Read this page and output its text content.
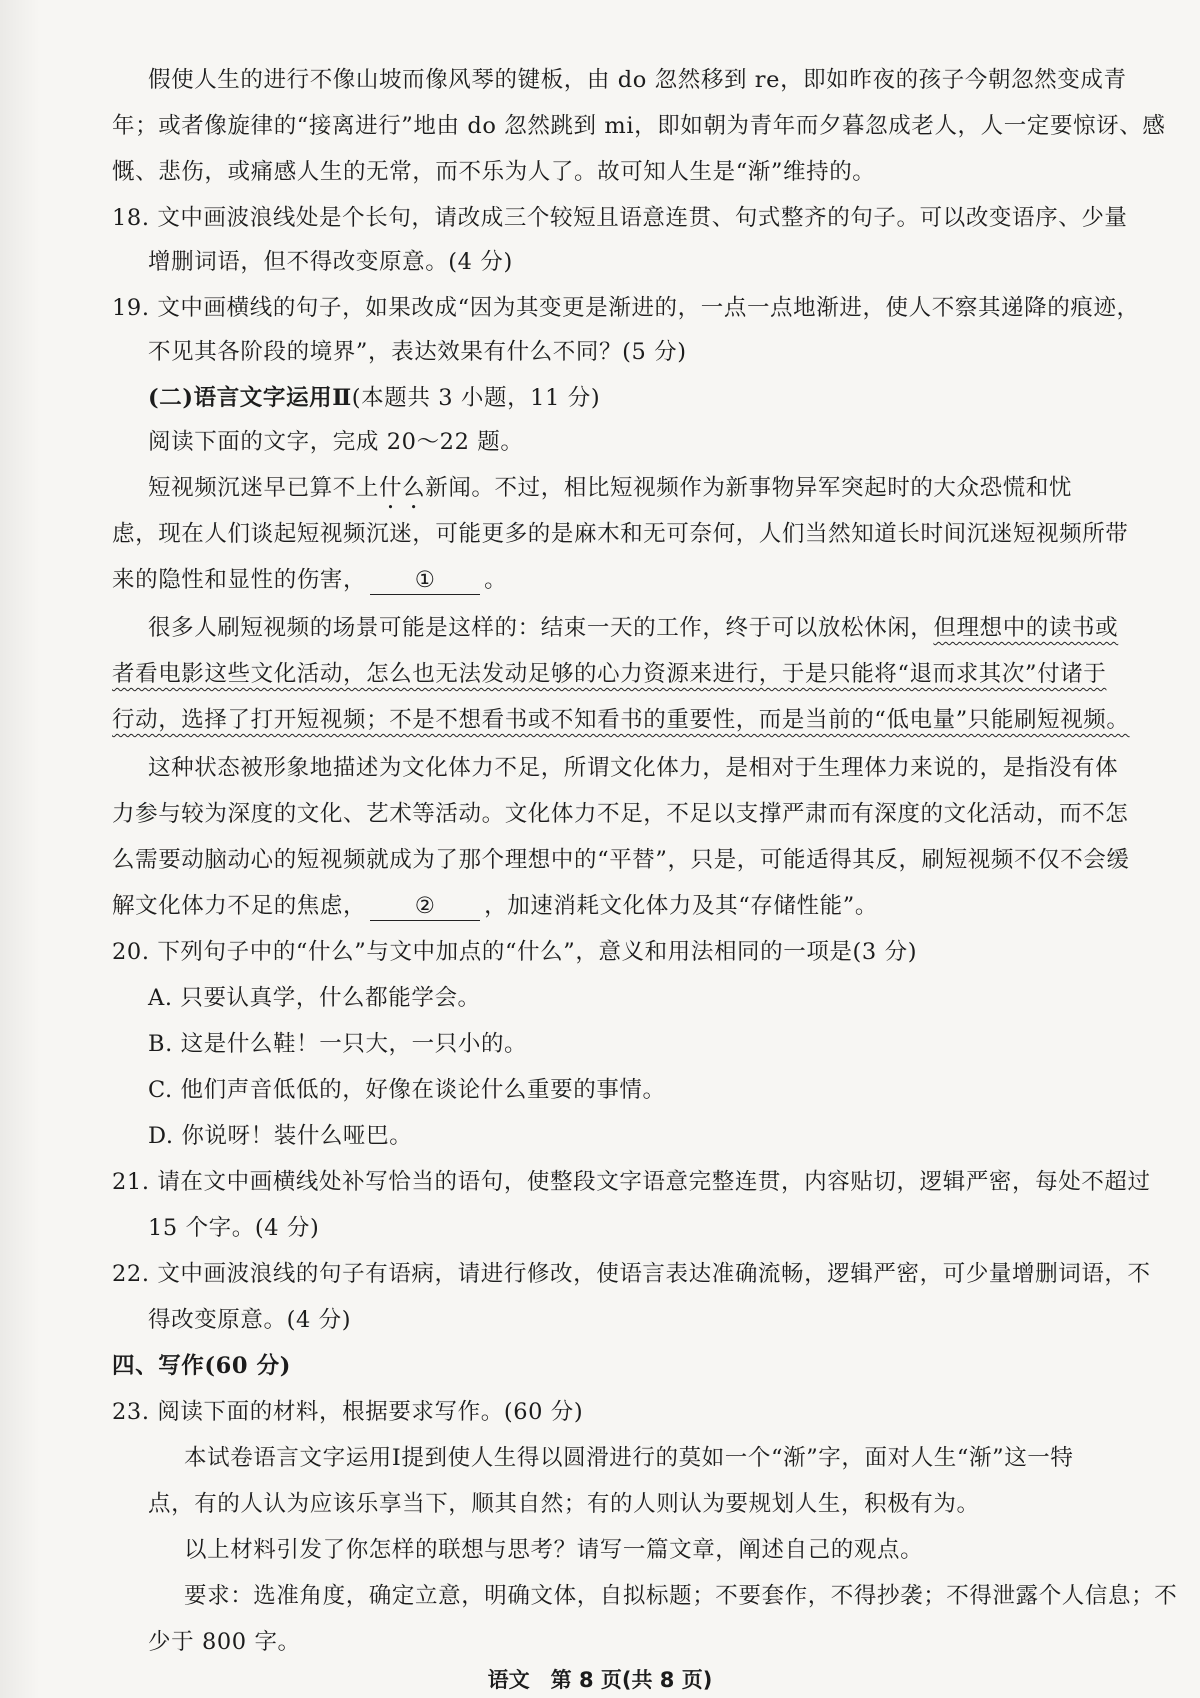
假使人生的进行不像山坡而像风琴的键板，由 do 忽然移到 re，即如昨夜的孩子今朝忽然变成青
年；或者像旋律的“接离进行”地由 do 忽然跳到 mi，即如朝为青年而夕暮忽成老人，人一定要惊讶、感
慨、悲伤，或痛感人生的无常，而不乐为人了。故可知人生是“渐”维持的。
18. 文中画波浪线处是个长句，请改成三个较短且语意连贯、句式整齐的句子。可以改变语序、少量
增删词语，但不得改变原意。(4 分)
19. 文中画横线的句子，如果改成“因为其变更是渐进的，一点一点地渐进，使人不察其递降的痕迹，
不见其各阶段的境界”，表达效果有什么不同？(5 分)
(二)语言文字运用Ⅱ(本题共 3 小题，11 分)
阅读下面的文字，完成 20～22 题。
短视频沉迷早已算不上什么新闻。不过，相比短视频作为新事物异军突起时的大众恐慌和忧
虑，现在人们谈起短视频沉迷，可能更多的是麻木和无可奈何，人们当然知道长时间沉迷短视频所带
来的隐性和显性的伤害， ① 。
很多人刷短视频的场景可能是这样的：结束一天的工作，终于可以放松休闲，但理想中的读书或
者看电影这些文化活动，怎么也无法发动足够的心力资源来进行，于是只能将“退而求其次”付诸于
行动，选择了打开短视频；不是不想看书或不知看书的重要性，而是当前的“低电量”只能刷短视频。
这种状态被形象地描述为文化体力不足，所谓文化体力，是相对于生理体力来说的，是指没有体
力参与较为深度的文化、艺术等活动。文化体力不足，不足以支撑严肃而有深度的文化活动，而不怎
么需要动脑动心的短视频就成为了那个理想中的“平替”，只是，可能适得其反，刷短视频不仅不会缓
解文化体力不足的焦虑， ② ，加速消耗文化体力及其“存储性能”。
20. 下列句子中的“什么”与文中加点的“什么”，意义和用法相同的一项是(3 分)
A. 只要认真学，什么都能学会。
B. 这是什么鞋！一只大，一只小的。
C. 他们声音低低的，好像在谈论什么重要的事情。
D. 你说呀！装什么哑巴。
21. 请在文中画横线处补写恰当的语句，使整段文字语意完整连贯，内容贴切，逻辑严密，每处不超过
15 个字。(4 分)
22. 文中画波浪线的句子有语病，请进行修改，使语言表达准确流畅，逻辑严密，可少量增删词语，不
得改变原意。(4 分)
四、写作(60 分)
23. 阅读下面的材料，根据要求写作。(60 分)
本试卷语言文字运用Ⅰ提到使人生得以圆滑进行的莫如一个“渐”字，面对人生“渐”这一特
点，有的人认为应该乐享当下，顺其自然；有的人则认为要规划人生，积极有为。
以上材料引发了你怎样的联想与思考？请写一篇文章，阐述自己的观点。
要求：选准角度，确定立意，明确文体，自拟标题；不要套作，不得抄袭；不得泄露个人信息；不
少于 800 字。
语文　第 8 页(共 8 页)
